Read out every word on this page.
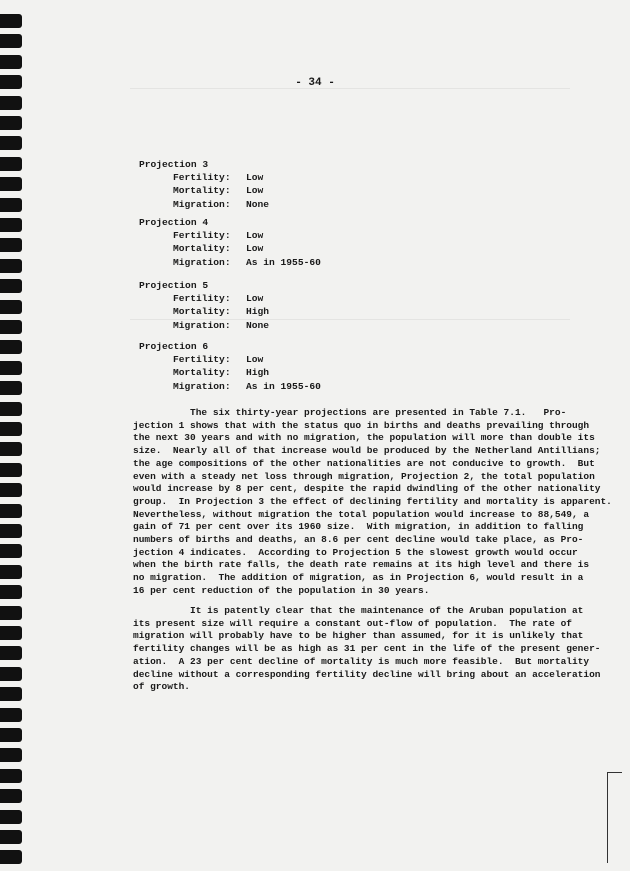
- 34 -
Projection 3
Fertility: Low
Mortality: Low
Migration: None
Projection 4
Fertility: Low
Mortality: Low
Migration: As in 1955-60
Projection 5
Fertility: Low
Mortality: High
Migration: None
Projection 6
Fertility: Low
Mortality: High
Migration: As in 1955-60
The six thirty-year projections are presented in Table 7.1.   Pro-
jection 1 shows that with the status quo in births and deaths prevailing through
the next 30 years and with no migration, the population will more than double its
size.  Nearly all of that increase would be produced by the Netherland Antillians;
the age compositions of the other nationalities are not conducive to growth.  But
even with a steady net loss through migration, Projection 2, the total population
would increase by 8 per cent, despite the rapid dwindling of the other nationality
group.  In Projection 3 the effect of declining fertility and mortality is apparent.
Nevertheless, without migration the total population would increase to 88,549, a
gain of 71 per cent over its 1960 size.  With migration, in addition to falling
numbers of births and deaths, an 8.6 per cent decline would take place, as Pro-
jection 4 indicates.  According to Projection 5 the slowest growth would occur
when the birth rate falls, the death rate remains at its high level and there is
no migration.  The addition of migration, as in Projection 6, would result in a
16 per cent reduction of the population in 30 years.
It is patently clear that the maintenance of the Aruban population at
its present size will require a constant out-flow of population.  The rate of
migration will probably have to be higher than assumed, for it is unlikely that
fertility changes will be as high as 31 per cent in the life of the present gener-
ation.  A 23 per cent decline of mortality is much more feasible.  But mortality
decline without a corresponding fertility decline will bring about an acceleration
of growth.
